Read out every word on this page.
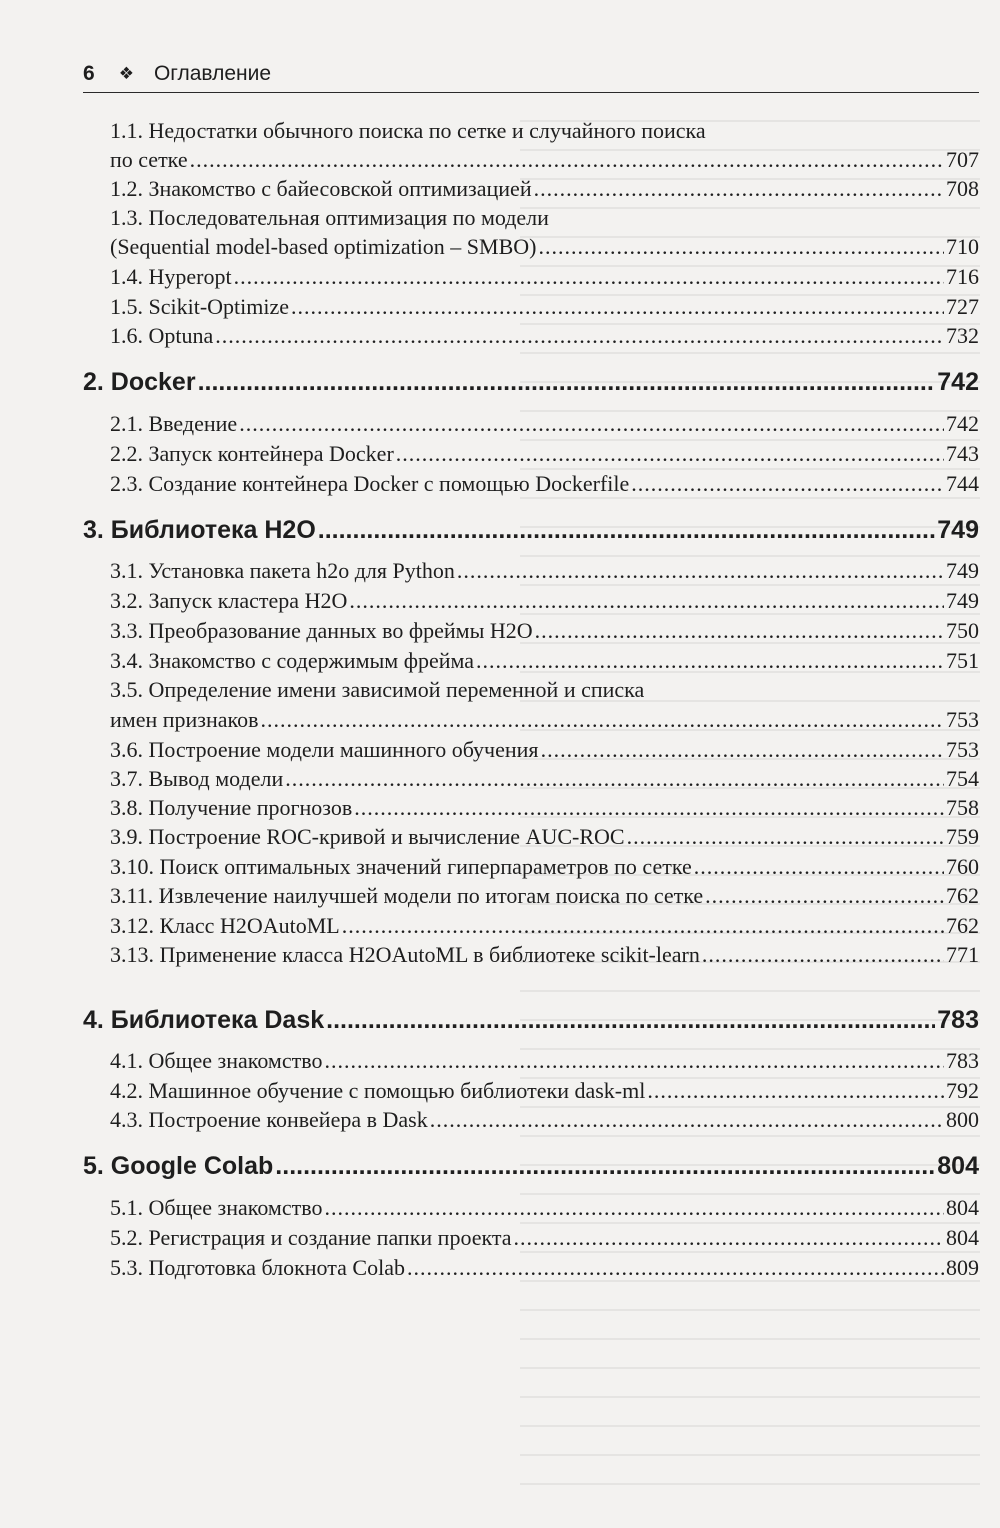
6 ❖ Оглавление
1.1. Недостатки обычного поиска по сетке и случайного поиска
по сетке .....	707
1.2. Знакомство с байесовской оптимизацией .....	708
1.3. Последовательная оптимизация по модели
(Sequential model-based optimization – SMBO) .....	710
1.4. Hyperopt .....	716
1.5. Scikit-Optimize .....	727
1.6. Optuna .....	732
2. Docker .....	742
2.1. Введение .....	742
2.2. Запуск контейнера Docker .....	743
2.3. Создание контейнера Docker с помощью Dockerfile .....	744
3. Библиотека H2O .....	749
3.1. Установка пакета h2o для Python .....	749
3.2. Запуск кластера H2O .....	749
3.3. Преобразование данных во фреймы H2O .....	750
3.4. Знакомство с содержимым фрейма .....	751
3.5. Определение имени зависимой переменной и списка
имен признаков .....	753
3.6. Построение модели машинного обучения .....	753
3.7. Вывод модели .....	754
3.8. Получение прогнозов .....	758
3.9. Построение ROC-кривой и вычисление AUC-ROC .....	759
3.10. Поиск оптимальных значений гиперпараметров по сетке .....	760
3.11. Извлечение наилучшей модели по итогам поиска по сетке .....	762
3.12. Класс H2OAutoML .....	762
3.13. Применение класса H2OAutoML в библиотеке scikit-learn .....	771
4. Библиотека Dask .....	783
4.1. Общее знакомство .....	783
4.2. Машинное обучение с помощью библиотеки dask-ml .....	792
4.3. Построение конвейера в Dask .....	800
5. Google Colab .....	804
5.1. Общее знакомство .....	804
5.2. Регистрация и создание папки проекта .....	804
5.3. Подготовка блокнота Colab .....	809
